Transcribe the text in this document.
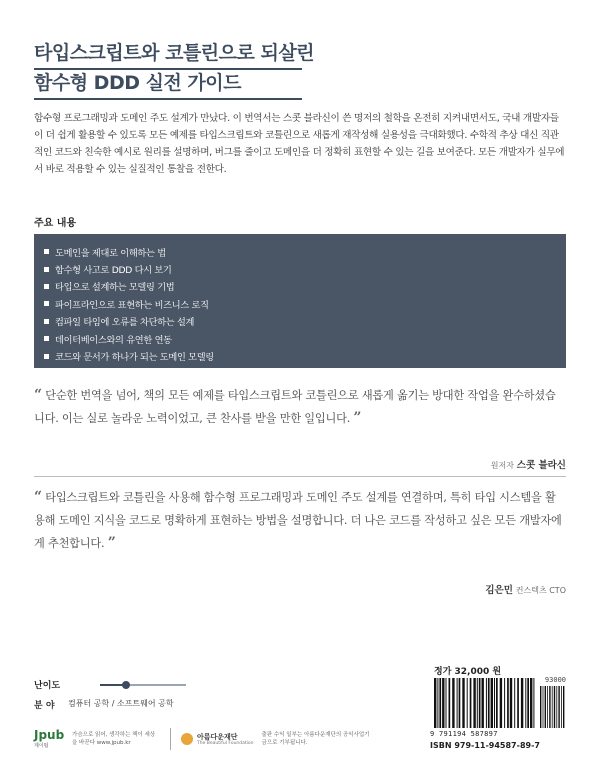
타입스크립트와 코틀린으로 되살린
함수형 DDD 실전 가이드

함수형 프로그래밍과 도메인 주도 설계가 만났다. 이 번역서는 스콧 블라신이 쓴 명저의 철학을 온전히 지켜내면서도, 국내 개발자들이 더 쉽게 활용할 수 있도록 모든 예제를 타입스크립트와 코틀린으로 새롭게 재작성해 실용성을 극대화했다. 수학적 추상 대신 직관적인 코드와 친숙한 예시로 원리를 설명하며, 버그를 줄이고 도메인을 더 정확히 표현할 수 있는 길을 보여준다. 모든 개발자가 실무에서 바로 적용할 수 있는 실질적인 통찰을 전한다.

주요 내용
도메인을 제대로 이해하는 법
함수형 사고로 DDD 다시 보기
타입으로 설계하는 모델링 기법
파이프라인으로 표현하는 비즈니스 로직
컴파일 타임에 오류를 차단하는 설계
데이터베이스와의 유연한 연동
코드와 문서가 하나가 되는 도메인 모델링
“ 단순한 번역을 넘어, 책의 모든 예제를 타입스크립트와 코틀린으로 새롭게 옮기는 방대한 작업을 완수하셨습니다. 이는 실로 놀라운 노력이었고, 큰 찬사를 받을 만한 일입니다. ”
원저자 스콧 블라신
“ 타입스크립트와 코틀린을 사용해 함수형 프로그래밍과 도메인 주도 설계를 연결하며, 특히 타입 시스템을 활용해 도메인 지식을 코드로 명확하게 표현하는 방법을 설명합니다. 더 나은 코드를 작성하고 싶은 모든 개발자에게 추천합니다. ”
김은민 컨스텍츠 CTO
정가 32,000 원
난이도
분 야	컴퓨터 공학 / 소프트웨어 공학
93000
9 791194 587897
ISBN 979-11-94587-89-7
Jpub
제이펍
가슴으로 읽어, 생각하는 책이 세상을 바꾼다 www.jpub.kr
아름다운재단
The Beautiful Foundation
출판 수익 일부는 아름다운재단의 공익사업기금으로 기부됩니다.
